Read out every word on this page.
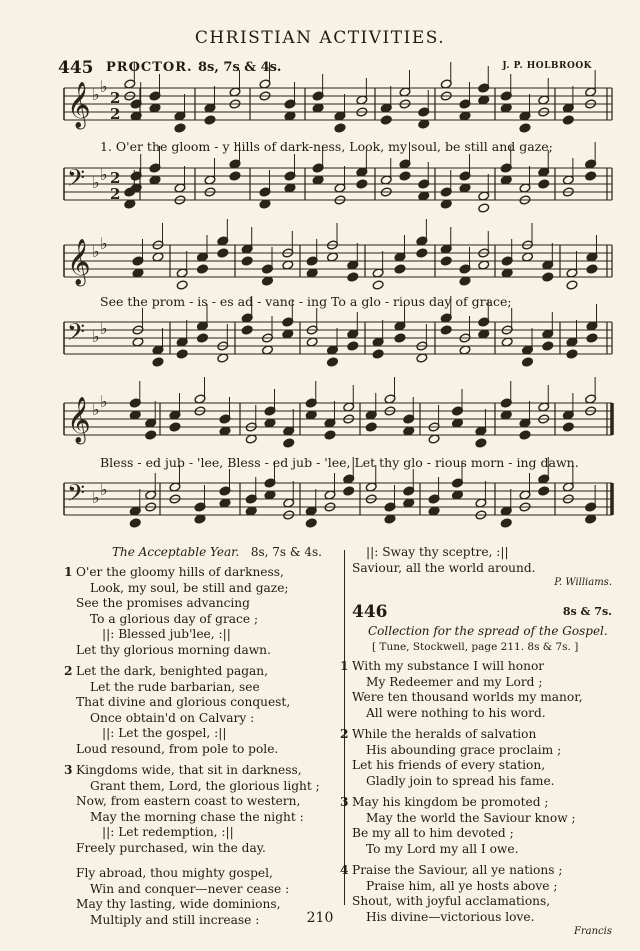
CHRISTIAN ACTIVITIES.
445 PROCTOR. 8s, 7s & 4s.	J. P. HOLBROOK
𝄞 ♭ ♭
2
2
𝄢 ♭ ♭ 2
2
𝄞 ♭ ♭
𝄢 ♭ ♭
𝄞 ♭ ♭
𝄢 ♭ ♭
1. O'er the gloom - y hills of dark-ness, Look, my soul, be still and gaze;
See the prom - is - es ad - vanc - ing To a glo - rious day of grace;
Bless - ed jub - 'lee, Bless - ed jub - 'lee, Let thy glo - rious morn - ing dawn.
The Acceptable Year. 8s, 7s & 4s.
1 O'er the gloomy hills of darkness,
Look, my soul, be still and gaze;
See the promises advancing
To a glorious day of grace ;
||: Blessed jub'lee, :||
Let thy glorious morning dawn.
2 Let the dark, benighted pagan,
Let the rude barbarian, see
That divine and glorious conquest,
Once obtain'd on Calvary :
||: Let the gospel, :||
Loud resound, from pole to pole.
3 Kingdoms wide, that sit in darkness,
Grant them, Lord, the glorious light ;
Now, from eastern coast to western,
May the morning chase the night :
||: Let redemption, :||
Freely purchased, win the day.
Fly abroad, thou mighty gospel,
Win and conquer—never cease :
May thy lasting, wide dominions,
Multiply and still increase :
||: Sway thy sceptre, :||
Saviour, all the world around.
P. Williams.
446	8s & 7s.
Collection for the spread of the Gospel.
[ Tune, Stockwell, page 211. 8s & 7s. ]
1 With my substance I will honor
My Redeemer and my Lord ;
Were ten thousand worlds my manor,
All were nothing to his word.
2 While the heralds of salvation
His abounding grace proclaim ;
Let his friends of every station,
Gladly join to spread his fame.
3 May his kingdom be promoted ;
May the world the Saviour know ;
Be my all to him devoted ;
To my Lord my all I owe.
4 Praise the Saviour, all ye nations ;
Praise him, all ye hosts above ;
Shout, with joyful acclamations,
His divine—victorious love.
Francis
210
